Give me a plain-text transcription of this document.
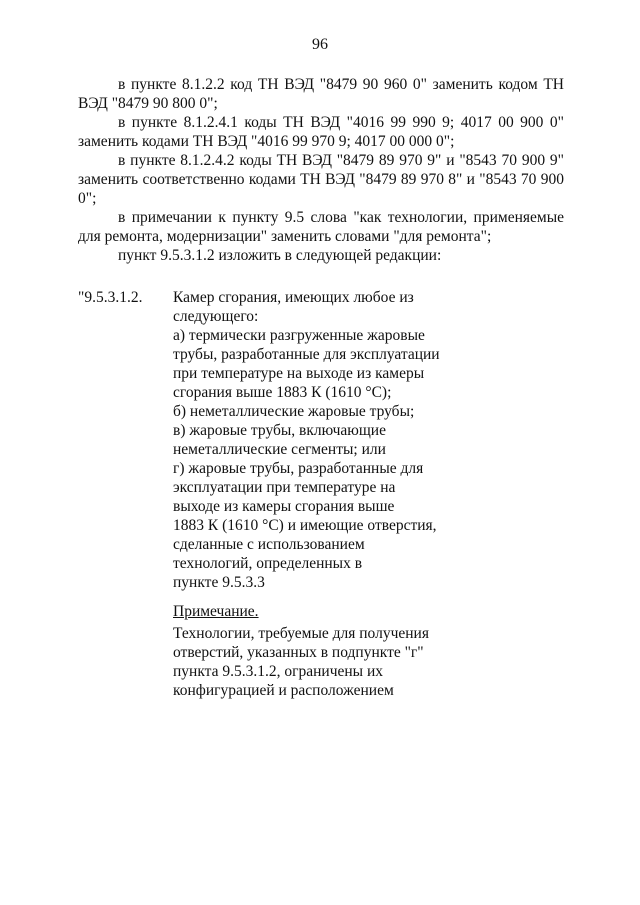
96

в пункте 8.1.2.2 код ТН ВЭД "8479 90 960 0" заменить кодом ТН ВЭД "8479 90 800 0";

в пункте 8.1.2.4.1 коды ТН ВЭД "4016 99 990 9; 4017 00 900 0" заменить кодами ТН ВЭД "4016 99 970 9; 4017 00 000 0";

в пункте 8.1.2.4.2 коды ТН ВЭД "8479 89 970 9" и "8543 70 900 9" заменить соответственно кодами ТН ВЭД "8479 89 970 8" и "8543 70 900 0";

в примечании к пункту 9.5 слова "как технологии, применяемые для ремонта, модернизации" заменить словами "для ремонта";

пункт 9.5.3.1.2 изложить в следующей редакции:

"9.5.3.1.2. Камер сгорания, имеющих любое из
следующего:
а) термически разгруженные жаровые
трубы, разработанные для эксплуатации
при температуре на выходе из камеры
сгорания выше 1883 К (1610 °С);
б) неметаллические жаровые трубы;
в) жаровые трубы, включающие
неметаллические сегменты; или
г) жаровые трубы, разработанные для
эксплуатации при температуре на
выходе из камеры сгорания выше
1883 К (1610 °С) и имеющие отверстия,
сделанные с использованием
технологий, определенных в
пункте 9.5.3.3
Примечание.
Технологии, требуемые для получения
отверстий, указанных в подпункте "г"
пункта 9.5.3.1.2, ограничены их
конфигурацией и расположением
